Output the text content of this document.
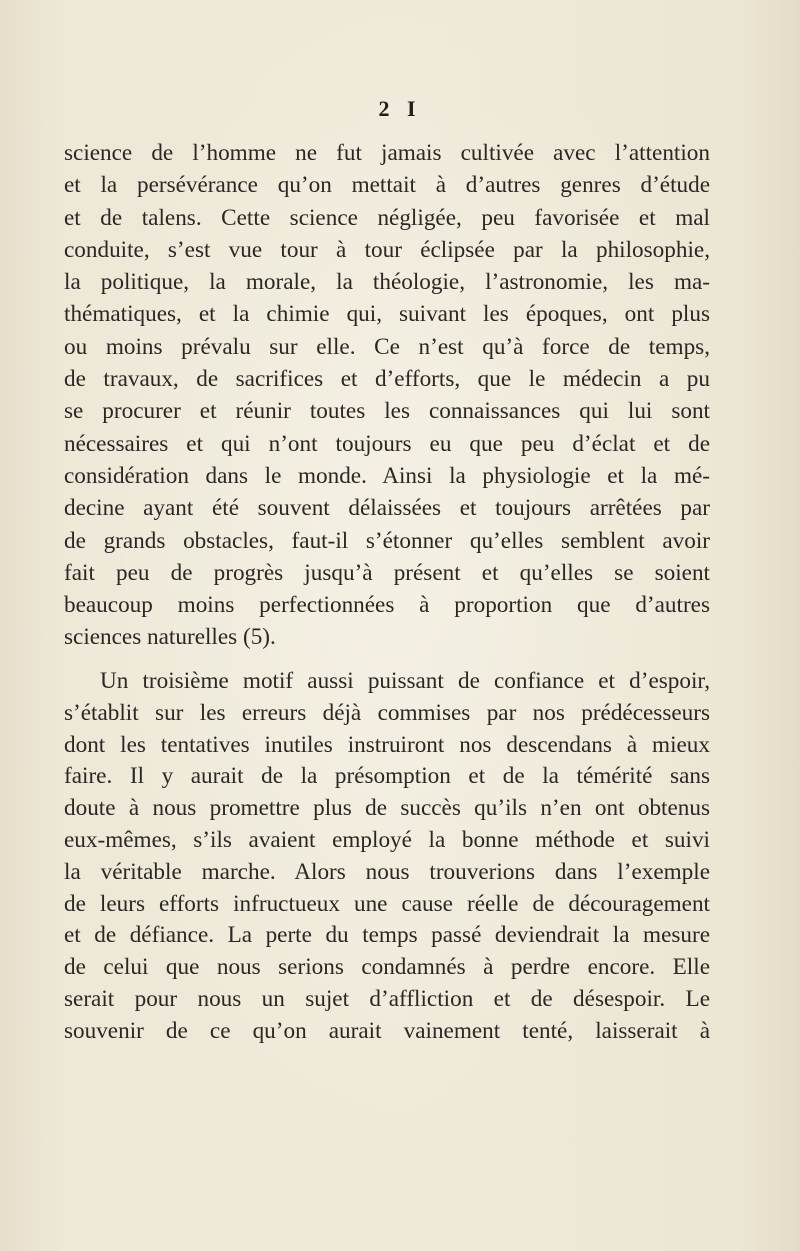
2 I
science de l’homme ne fut jamais cultivée avec l’attention
et la persévérance qu’on mettait à d’autres genres d’étude
et de talens. Cette science négligée, peu favorisée et mal
conduite, s’est vue tour à tour éclipsée par la philosophie,
la politique, la morale, la théologie, l’astronomie, les ma-
thématiques, et la chimie qui, suivant les époques, ont plus
ou moins prévalu sur elle. Ce n’est qu’à force de temps,
de travaux, de sacrifices et d’efforts, que le médecin a pu
se procurer et réunir toutes les connaissances qui lui sont
nécessaires et qui n’ont toujours eu que peu d’éclat et de
considération dans le monde. Ainsi la physiologie et la mé-
decine ayant été souvent délaissées et toujours arrêtées par
de grands obstacles, faut-il s’étonner qu’elles semblent avoir
fait peu de progrès jusqu’à présent et qu’elles se soient
beaucoup moins perfectionnées à proportion que d’autres
sciences naturelles (5).
Un troisième motif aussi puissant de confiance et d’espoir,
s’établit sur les erreurs déjà commises par nos prédécesseurs
dont les tentatives inutiles instruiront nos descendans à mieux
faire. Il y aurait de la présomption et de la témérité sans
doute à nous promettre plus de succès qu’ils n’en ont obtenus
eux-mêmes, s’ils avaient employé la bonne méthode et suivi
la véritable marche. Alors nous trouverions dans l’exemple
de leurs efforts infructueux une cause réelle de découragement
et de défiance. La perte du temps passé deviendrait la mesure
de celui que nous serions condamnés à perdre encore. Elle
serait pour nous un sujet d’affliction et de désespoir. Le
souvenir de ce qu’on aurait vainement tenté, laisserait à
